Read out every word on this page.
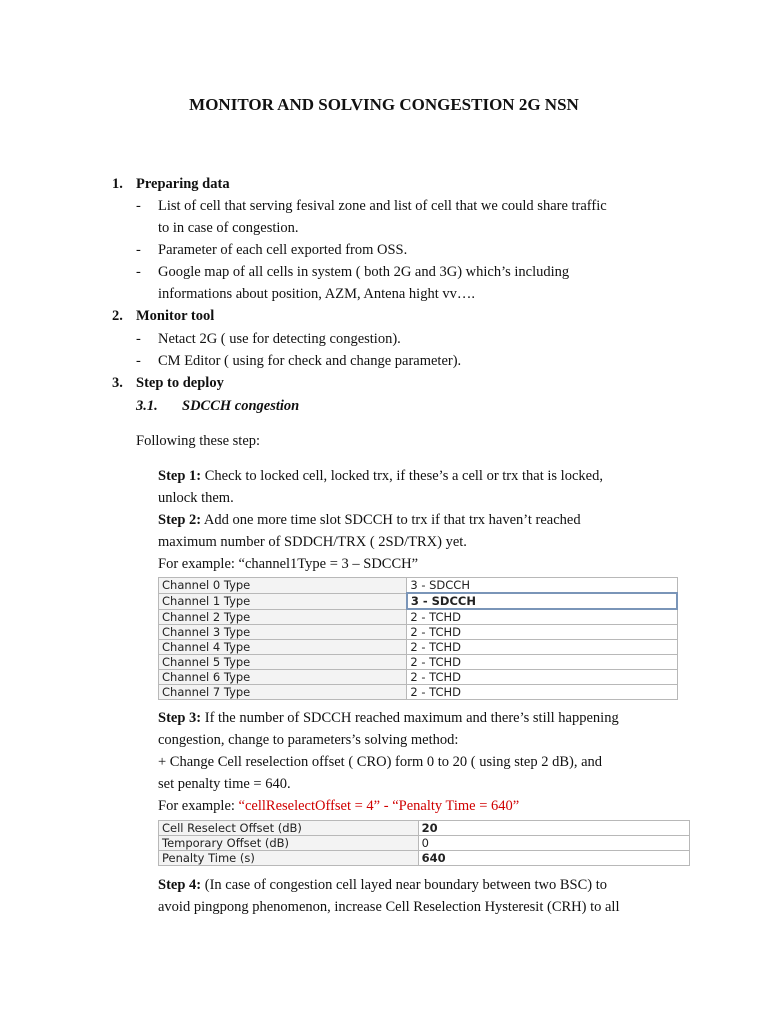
MONITOR AND SOLVING CONGESTION 2G NSN
1. Preparing data
- List of cell that serving fesival zone and list of cell that we could share traffic
to in case of congestion.
- Parameter of each cell exported from OSS.
- Google map of all cells in system ( both 2G and 3G) which’s including
informations about position, AZM, Antena hight vv….
2. Monitor tool
- Netact 2G ( use for detecting congestion).
- CM Editor ( using for check and change parameter).
3. Step to deploy
3.1. SDCCH congestion
Following these step:
Step 1: Check to locked cell, locked trx, if these’s a cell or trx that is locked,
unlock them.
Step 2: Add one more time slot SDCCH to trx if that trx haven’t reached
maximum number of SDDCH/TRX ( 2SD/TRX) yet.
For example: “channel1Type = 3 – SDCCH”
Channel 0 Type	3 - SDCCH
Channel 1 Type	3 - SDCCH
Channel 2 Type	2 - TCHD
Channel 3 Type	2 - TCHD
Channel 4 Type	2 - TCHD
Channel 5 Type	2 - TCHD
Channel 6 Type	2 - TCHD
Channel 7 Type	2 - TCHD
Step 3: If the number of SDCCH reached maximum and there’s still happening
congestion, change to parameters’s solving method:
+ Change Cell reselection offset ( CRO) form 0 to 20 ( using step 2 dB), and
set penalty time = 640.
For example: “cellReselectOffset = 4” - “Penalty Time = 640”
Cell Reselect Offset (dB)	20
Temporary Offset (dB)	0
Penalty Time (s)	640
Step 4: (In case of congestion cell layed near boundary between two BSC) to
avoid pingpong phenomenon, increase Cell Reselection Hysteresit (CRH) to all
